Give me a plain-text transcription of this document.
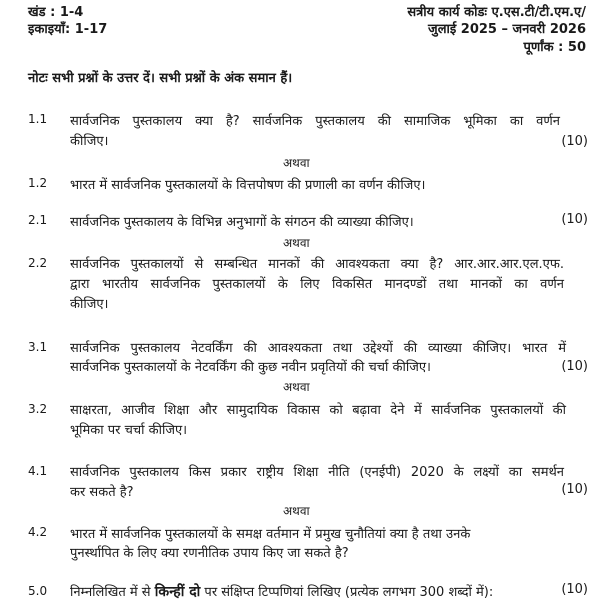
खंड : 1-4
इकाइयाँ: 1-17
सत्रीय कार्य कोडः ए.एस.टी/टी.एम.ए/
जुलाई 2025 – जनवरी 2026
पूर्णांक : 50
नोटः सभी प्रश्नों के उत्तर दें। सभी प्रश्नों के अंक समान हैं।
1.1 सार्वजनिक पुस्तकालय क्या है? सार्वजनिक पुस्तकालय की सामाजिक भूमिका का वर्णन
कीजिए।	(10)
अथवा
1.2 भारत में सार्वजनिक पुस्तकालयों के वित्तपोषण की प्रणाली का वर्णन कीजिए।
2.1 सार्वजनिक पुस्तकालय के विभिन्न अनुभागों के संगठन की व्याख्या कीजिए।	(10)
अथवा
2.2 सार्वजनिक पुस्तकालयों से सम्बन्धित मानकों की आवश्यकता क्या है? आर.आर.आर.एल.एफ.
द्वारा भारतीय सार्वजनिक पुस्तकालयों के लिए विकसित मानदण्डों तथा मानकों का वर्णन
कीजिए।
3.1 सार्वजनिक पुस्तकालय नेटवर्किंग की आवश्यकता तथा उद्देश्यों की व्याख्या कीजिए। भारत में
सार्वजनिक पुस्तकालयों के नेटवर्किंग की कुछ नवीन प्रवृतियों की चर्चा कीजिए।	(10)
अथवा
3.2 साक्षरता, आजीव शिक्षा और सामुदायिक विकास को बढ़ावा देने में सार्वजनिक पुस्तकालयों की
भूमिका पर चर्चा कीजिए।
4.1 सार्वजनिक पुस्तकालय किस प्रकार राष्ट्रीय शिक्षा नीति (एनईपी) 2020 के लक्ष्यों का समर्थन
कर सकते है?	(10)
अथवा
4.2 भारत में सार्वजनिक पुस्तकालयों के समक्ष वर्तमान में प्रमुख चुनौतियां क्या है तथा उनके
पुनर्स्थापित के लिए क्या रणनीतिक उपाय किए जा सकते है?
5.0 निम्नलिखित में से किन्हीं दो पर संक्षिप्त टिप्पणियां लिखिए (प्रत्येक लगभग 300 शब्दों में):	(10)
